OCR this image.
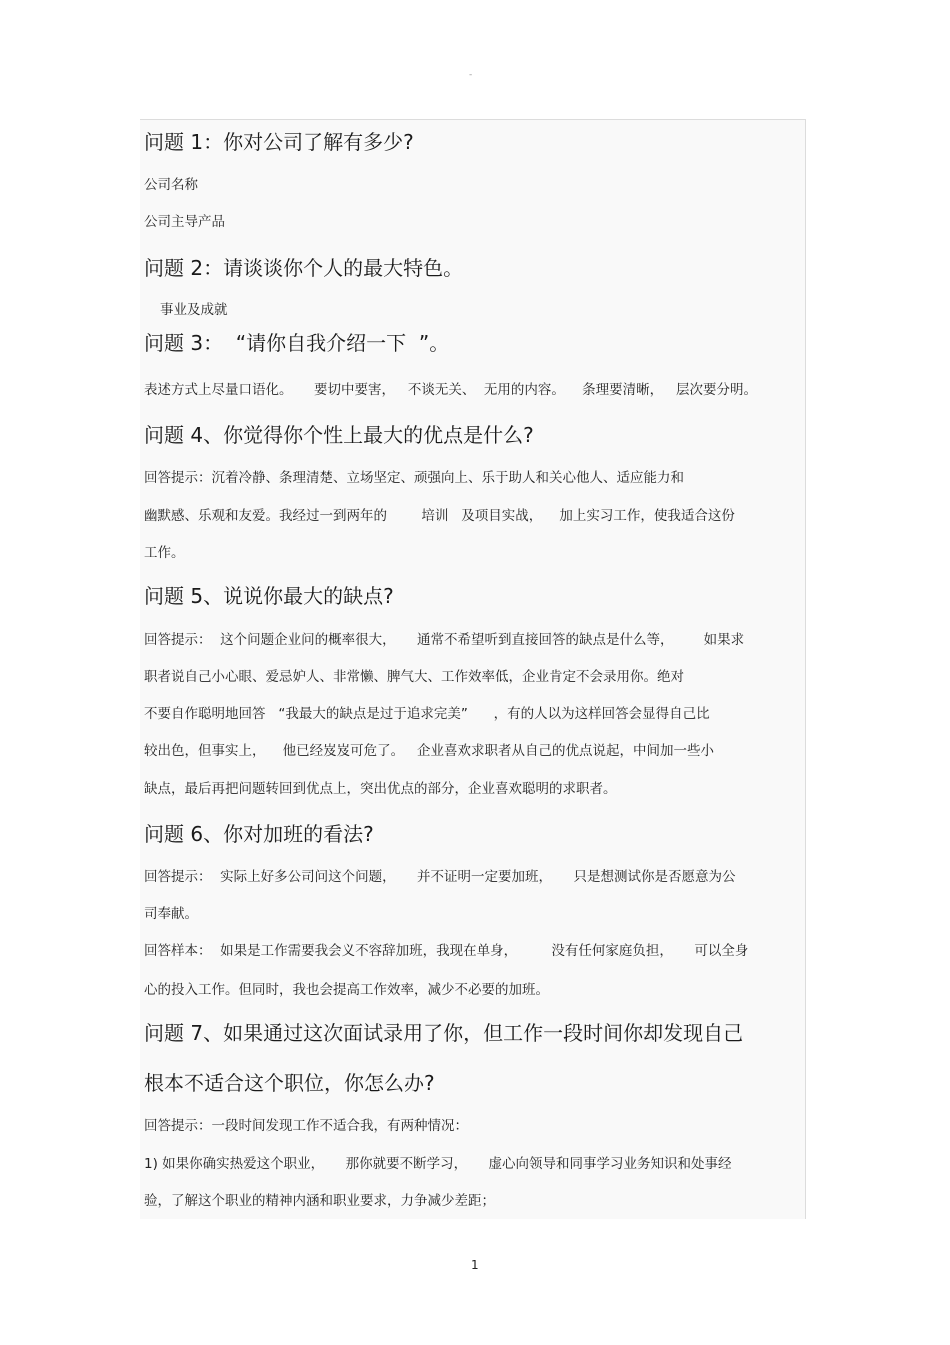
-
问题 1：你对公司了解有多少?
公司名称
公司主导产品
问题 2：请谈谈你个人的最大特色。
事业及成就
问题 3：  “请你自我介绍一下  ”。
表述方式上尽量口语化。     要切中要害，   不谈无关、  无用的内容。    条理要清晰，   层次要分明。
问题 4、你觉得你个性上最大的优点是什么?
回答提示：沉着冷静、条理清楚、立场坚定、顽强向上、乐于助人和关心他人、适应能力和
幽默感、乐观和友爱。我经过一到两年的        培训   及项目实战，    加上实习工作，使我适合这份
工作。
问题 5、说说你最大的缺点?
回答提示：  这个问题企业问的概率很大，     通常不希望听到直接回答的缺点是什么等，       如果求
职者说自己小心眼、爱忌妒人、非常懒、脾气大、工作效率低，企业肯定不会录用你。绝对
不要自作聪明地回答   “我最大的缺点是过于追求完美”      ，有的人以为这样回答会显得自己比
较出色，但事实上，    他已经岌岌可危了。   企业喜欢求职者从自己的优点说起，中间加一些小
缺点，最后再把问题转回到优点上，突出优点的部分，企业喜欢聪明的求职者。
问题 6、你对加班的看法?
回答提示：  实际上好多公司问这个问题，     并不证明一定要加班，     只是想测试你是否愿意为公
司奉献。
回答样本：  如果是工作需要我会义不容辞加班，我现在单身，        没有任何家庭负担，     可以全身
心的投入工作。但同时，我也会提高工作效率，减少不必要的加班。
问题 7、如果通过这次面试录用了你，但工作一段时间你却发现自己
根本不适合这个职位，你怎么办?
回答提示：一段时间发现工作不适合我，有两种情况：
1) 如果你确实热爱这个职业，     那你就要不断学习，     虚心向领导和同事学习业务知识和处事经
验，了解这个职业的精神内涵和职业要求，力争减少差距；
1
